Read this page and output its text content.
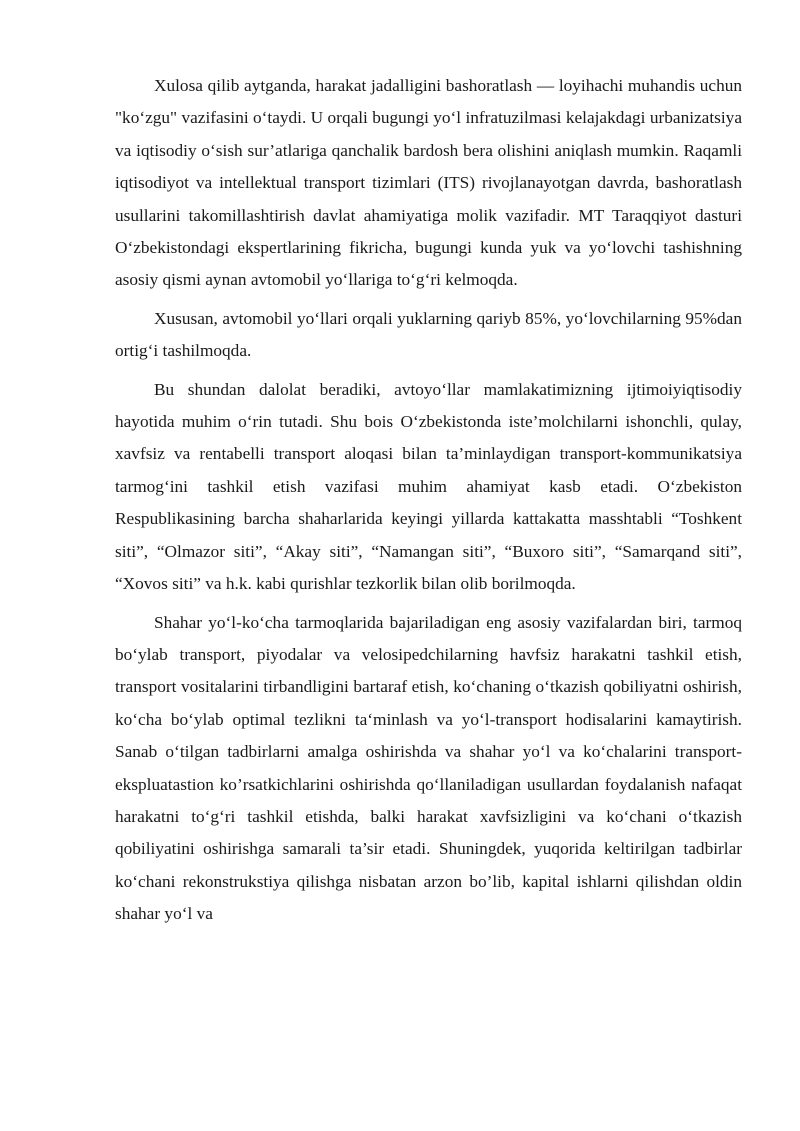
Xulosa qilib aytganda, harakat jadalligini bashoratlash — loyihachi muhandis uchun "ko‘zgu" vazifasini o‘taydi. U orqali bugungi yo‘l infratuzilmasi kelajakdagi urbanizatsiya va iqtisodiy o‘sish sur’atlariga qanchalik bardosh bera olishini aniqlash mumkin. Raqamli iqtisodiyot va intellektual transport tizimlari (ITS) rivojlanayotgan davrda, bashoratlash usullarini takomillashtirish davlat ahamiyatiga molik vazifadir. MT Taraqqiyot dasturi O‘zbekistondagi ekspertlarining fikricha, bugungi kunda yuk va yo‘lovchi tashishning asosiy qismi aynan avtomobil yo‘llariga to‘g‘ri kelmoqda.

Xususan, avtomobil yo‘llari orqali yuklarning qariyb 85%, yo‘lovchilarning 95%dan ortig‘i tashilmoqda.

Bu shundan dalolat beradiki, avtoyo‘llar mamlakatimizning ijtimoiyiqtisodiy hayotida muhim o‘rin tutadi. Shu bois O‘zbekistonda iste’molchilarni ishonchli, qulay, xavfsiz va rentabelli transport aloqasi bilan ta’minlaydigan transport-kommunikatsiya tarmog‘ini tashkil etish vazifasi muhim ahamiyat kasb etadi. O‘zbekiston Respublikasining barcha shaharlarida keyingi yillarda kattakatta masshtabli “Toshkent siti”, “Olmazor siti”, “Akay siti”, “Namangan siti”, “Buxoro siti”, “Samarqand siti”, “Xovos siti” va h.k. kabi qurishlar tezkorlik bilan olib borilmoqda.

Shahar yo‘l-ko‘cha tarmoqlarida bajariladigan eng asosiy vazifalardan biri, tarmoq bo‘ylab transport, piyodalar va velosipedchilarning havfsiz harakatni tashkil etish, transport vositalarini tirbandligini bartaraf etish, ko‘chaning o‘tkazish qobiliyatni oshirish, ko‘cha bo‘ylab optimal tezlikni ta‘minlash va yo‘l-transport hodisalarini kamaytirish. Sanab o‘tilgan tadbirlarni amalga oshirishda va shahar yo‘l va ko‘chalarini transport-ekspluatastion ko’rsatkichlarini oshirishda qo‘llaniladigan usullardan foydalanish nafaqat harakatni to‘g‘ri tashkil etishda, balki harakat xavfsizligini va ko‘chani o‘tkazish qobiliyatini oshirishga samarali ta’sir etadi. Shuningdek, yuqorida keltirilgan tadbirlar ko‘chani rekonstrukstiya qilishga nisbatan arzon bo’lib, kapital ishlarni qilishdan oldin shahar yo‘l va
